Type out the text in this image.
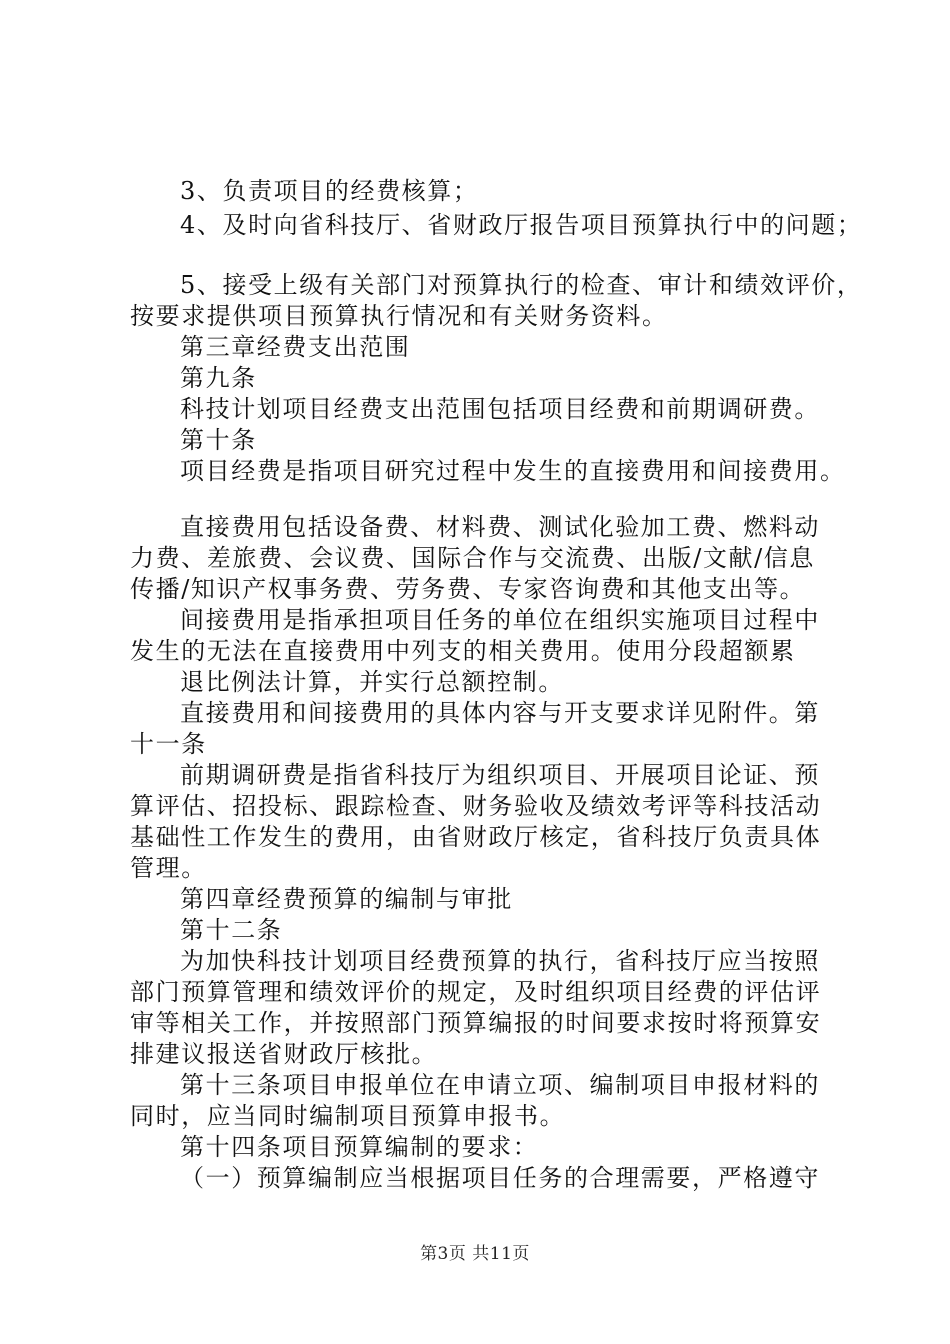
3、负责项目的经费核算；
4、及时向省科技厅、省财政厅报告项目预算执行中的问题；
5、接受上级有关部门对预算执行的检查、审计和绩效评价，
按要求提供项目预算执行情况和有关财务资料。
第三章经费支出范围
第九条
科技计划项目经费支出范围包括项目经费和前期调研费。
第十条
项目经费是指项目研究过程中发生的直接费用和间接费用。
直接费用包括设备费、材料费、测试化验加工费、燃料动
力费、差旅费、会议费、国际合作与交流费、出版/文献/信息
传播/知识产权事务费、劳务费、专家咨询费和其他支出等。
间接费用是指承担项目任务的单位在组织实施项目过程中
发生的无法在直接费用中列支的相关费用。使用分段超额累
退比例法计算，并实行总额控制。
直接费用和间接费用的具体内容与开支要求详见附件。第
十一条
前期调研费是指省科技厅为组织项目、开展项目论证、预
算评估、招投标、跟踪检查、财务验收及绩效考评等科技活动
基础性工作发生的费用，由省财政厅核定，省科技厅负责具体
管理。
第四章经费预算的编制与审批
第十二条
为加快科技计划项目经费预算的执行，省科技厅应当按照
部门预算管理和绩效评价的规定，及时组织项目经费的评估评
审等相关工作，并按照部门预算编报的时间要求按时将预算安
排建议报送省财政厅核批。
第十三条项目申报单位在申请立项、编制项目申报材料的
同时，应当同时编制项目预算申报书。
第十四条项目预算编制的要求：
（一）预算编制应当根据项目任务的合理需要，严格遵守
第3页 共11页
